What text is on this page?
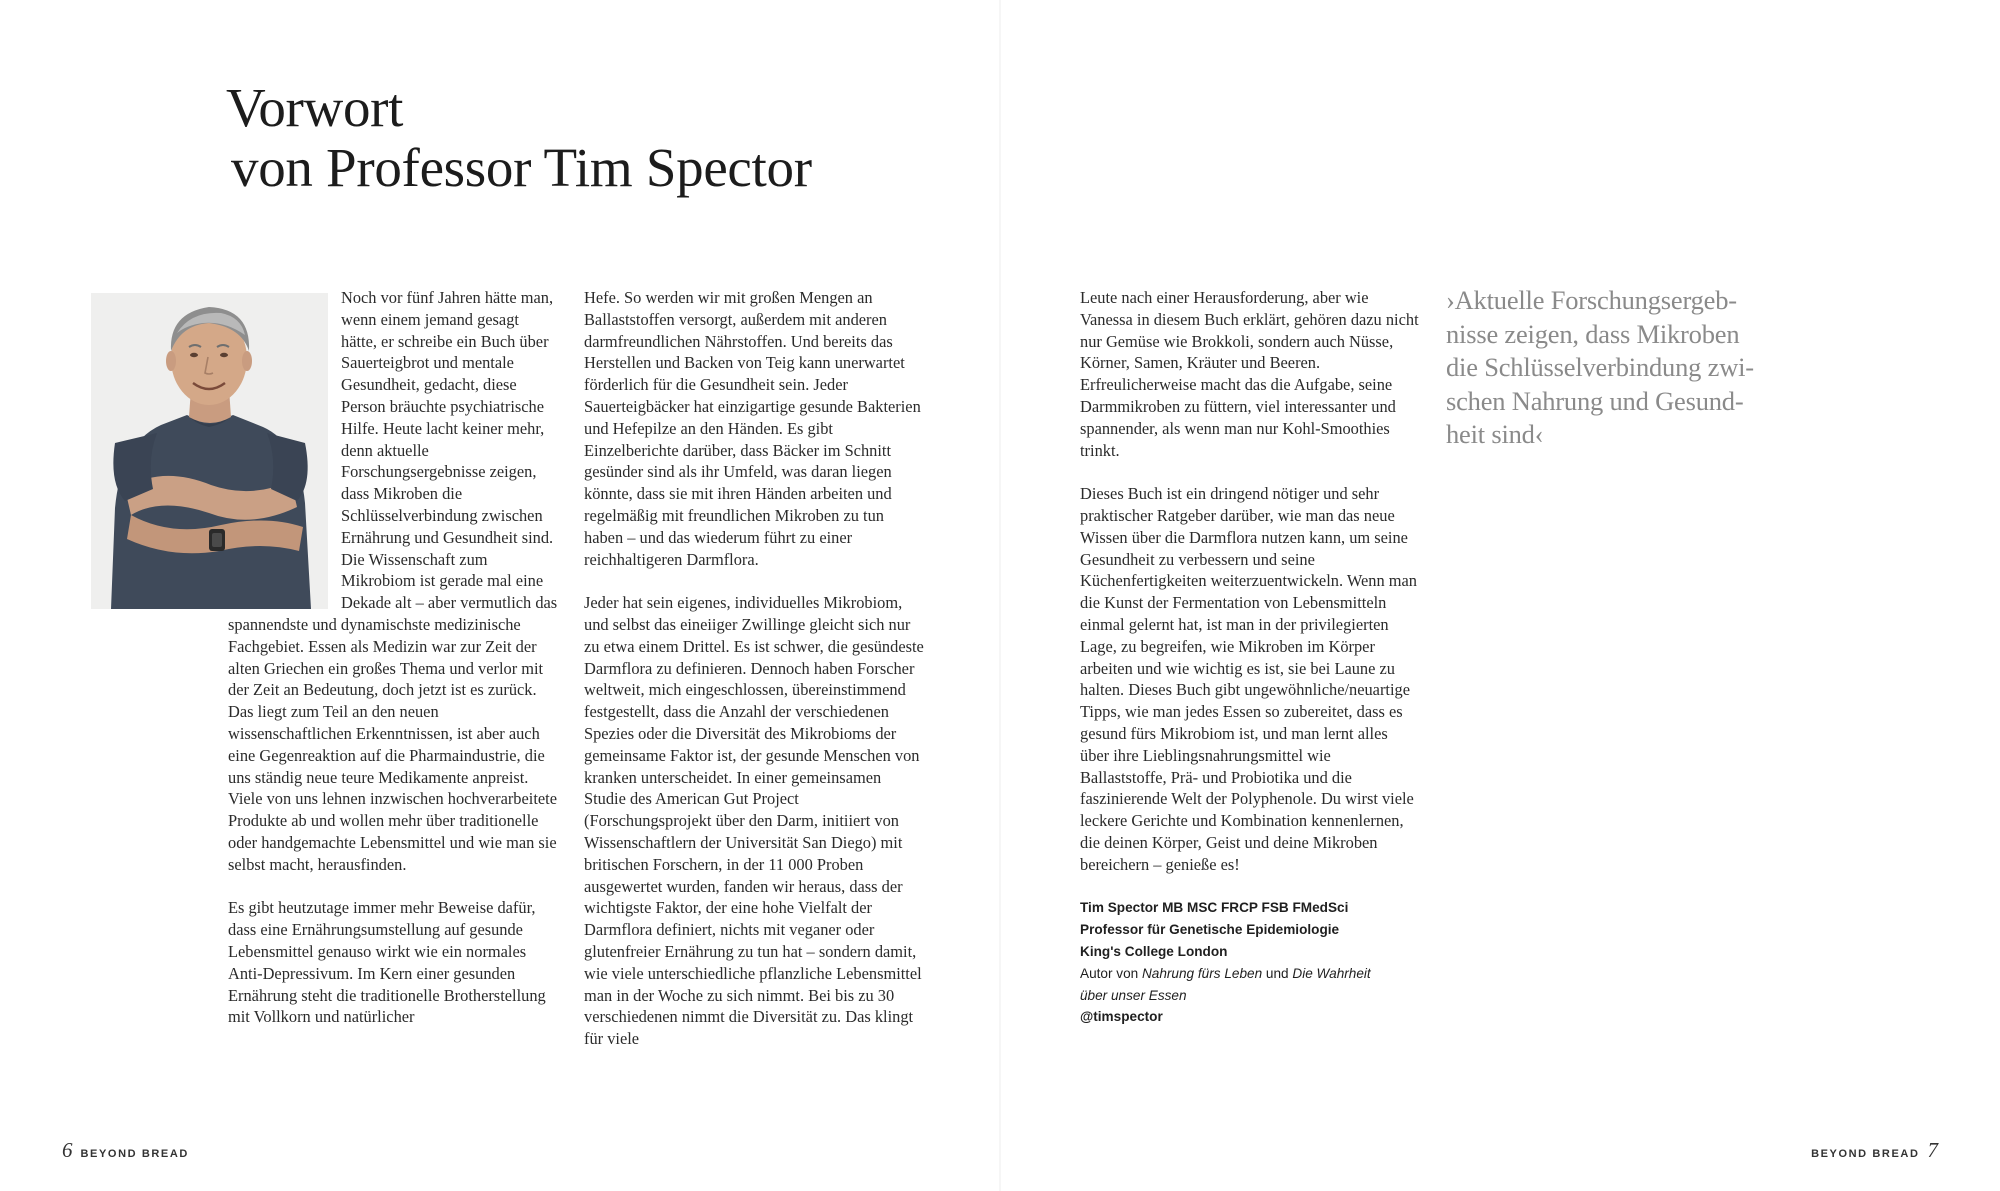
Vorwort
von Professor Tim Spector

Noch vor fünf Jahren hätte man, wenn einem jemand gesagt hätte, er schreibe ein Buch über Sauerteigbrot und mentale Gesundheit, gedacht, diese Person bräuchte psychiatrische Hilfe. Heute lacht keiner mehr, denn aktuelle Forschungsergebnisse zeigen, dass Mikroben die Schlüsselverbindung zwischen Ernährung und Gesundheit sind. Die Wissenschaft zum Mikrobiom ist gerade mal eine Dekade alt – aber vermutlich das spannendste und dynamischste medizinische Fachgebiet. Essen als Medizin war zur Zeit der alten Griechen ein großes Thema und verlor mit der Zeit an Bedeutung, doch jetzt ist es zurück. Das liegt zum Teil an den neuen wissenschaftlichen Erkenntnissen, ist aber auch eine Gegenreaktion auf die Pharmaindustrie, die uns ständig neue teure Medikamente anpreist. Viele von uns lehnen inzwischen hochverarbeitete Produkte ab und wollen mehr über traditionelle oder handgemachte Lebensmittel und wie man sie selbst macht, herausfinden.

Es gibt heutzutage immer mehr Beweise dafür, dass eine Ernährungsumstellung auf gesunde Lebensmittel genauso wirkt wie ein normales Anti-Depressivum. Im Kern einer gesunden Ernährung steht die traditionelle Brotherstellung mit Vollkorn und natürlicher

Hefe. So werden wir mit großen Mengen an Ballaststoffen versorgt, außerdem mit anderen darmfreundlichen Nährstoffen. Und bereits das Herstellen und Backen von Teig kann unerwartet förderlich für die Gesundheit sein. Jeder Sauerteigbäcker hat einzigartige gesunde Bakterien und Hefepilze an den Händen. Es gibt Einzelberichte darüber, dass Bäcker im Schnitt gesünder sind als ihr Umfeld, was daran liegen könnte, dass sie mit ihren Händen arbeiten und regelmäßig mit freundlichen Mikroben zu tun haben – und das wiederum führt zu einer reichhaltigeren Darmflora.

Jeder hat sein eigenes, individuelles Mikrobiom, und selbst das eineiiger Zwillinge gleicht sich nur zu etwa einem Drittel. Es ist schwer, die gesündeste Darmflora zu definieren. Dennoch haben Forscher weltweit, mich eingeschlossen, übereinstimmend festgestellt, dass die Anzahl der verschiedenen Spezies oder die Diversität des Mikrobioms der gemeinsame Faktor ist, der gesunde Menschen von kranken unterscheidet. In einer gemeinsamen Studie des American Gut Project (Forschungsprojekt über den Darm, initiiert von Wissenschaftlern der Universität San Diego) mit britischen Forschern, in der 11 000 Proben ausgewertet wurden, fanden wir heraus, dass der wichtigste Faktor, der eine hohe Vielfalt der Darmflora definiert, nichts mit veganer oder glutenfreier Ernährung zu tun hat – sondern damit, wie viele unterschiedliche pflanzliche Lebensmittel man in der Woche zu sich nimmt. Bei bis zu 30 verschiedenen nimmt die Diversität zu. Das klingt für viele

Leute nach einer Herausforderung, aber wie Vanessa in diesem Buch erklärt, gehören dazu nicht nur Gemüse wie Brokkoli, sondern auch Nüsse, Körner, Samen, Kräuter und Beeren. Erfreulicherweise macht das die Aufgabe, seine Darmmikroben zu füttern, viel interessanter und spannender, als wenn man nur Kohl-Smoothies trinkt.

Dieses Buch ist ein dringend nötiger und sehr praktischer Ratgeber darüber, wie man das neue Wissen über die Darmflora nutzen kann, um seine Gesundheit zu verbessern und seine Küchenfertigkeiten weiterzuentwickeln. Wenn man die Kunst der Fermentation von Lebensmitteln einmal gelernt hat, ist man in der privilegierten Lage, zu begreifen, wie Mikroben im Körper arbeiten und wie wichtig es ist, sie bei Laune zu halten. Dieses Buch gibt ungewöhnliche/neuartige Tipps, wie man jedes Essen so zubereitet, dass es gesund fürs Mikrobiom ist, und man lernt alles über ihre Lieblingsnahrungsmittel wie Ballaststoffe, Prä- und Probiotika und die faszinierende Welt der Polyphenole. Du wirst viele leckere Gerichte und Kombination kennenlernen, die deinen Körper, Geist und deine Mikroben bereichern – genieße es!

Tim Spector MB MSC FRCP FSB FMedSci
Professor für Genetische Epidemiologie
King's College London
Autor von Nahrung fürs Leben und Die Wahrheit
über unser Essen
@timspector
›Aktuelle Forschungsergeb-
nisse zeigen, dass Mikroben
die Schlüsselverbindung zwi-
schen Nahrung und Gesund-
heit sind‹
6 BEYOND BREAD	BEYOND BREAD 7
